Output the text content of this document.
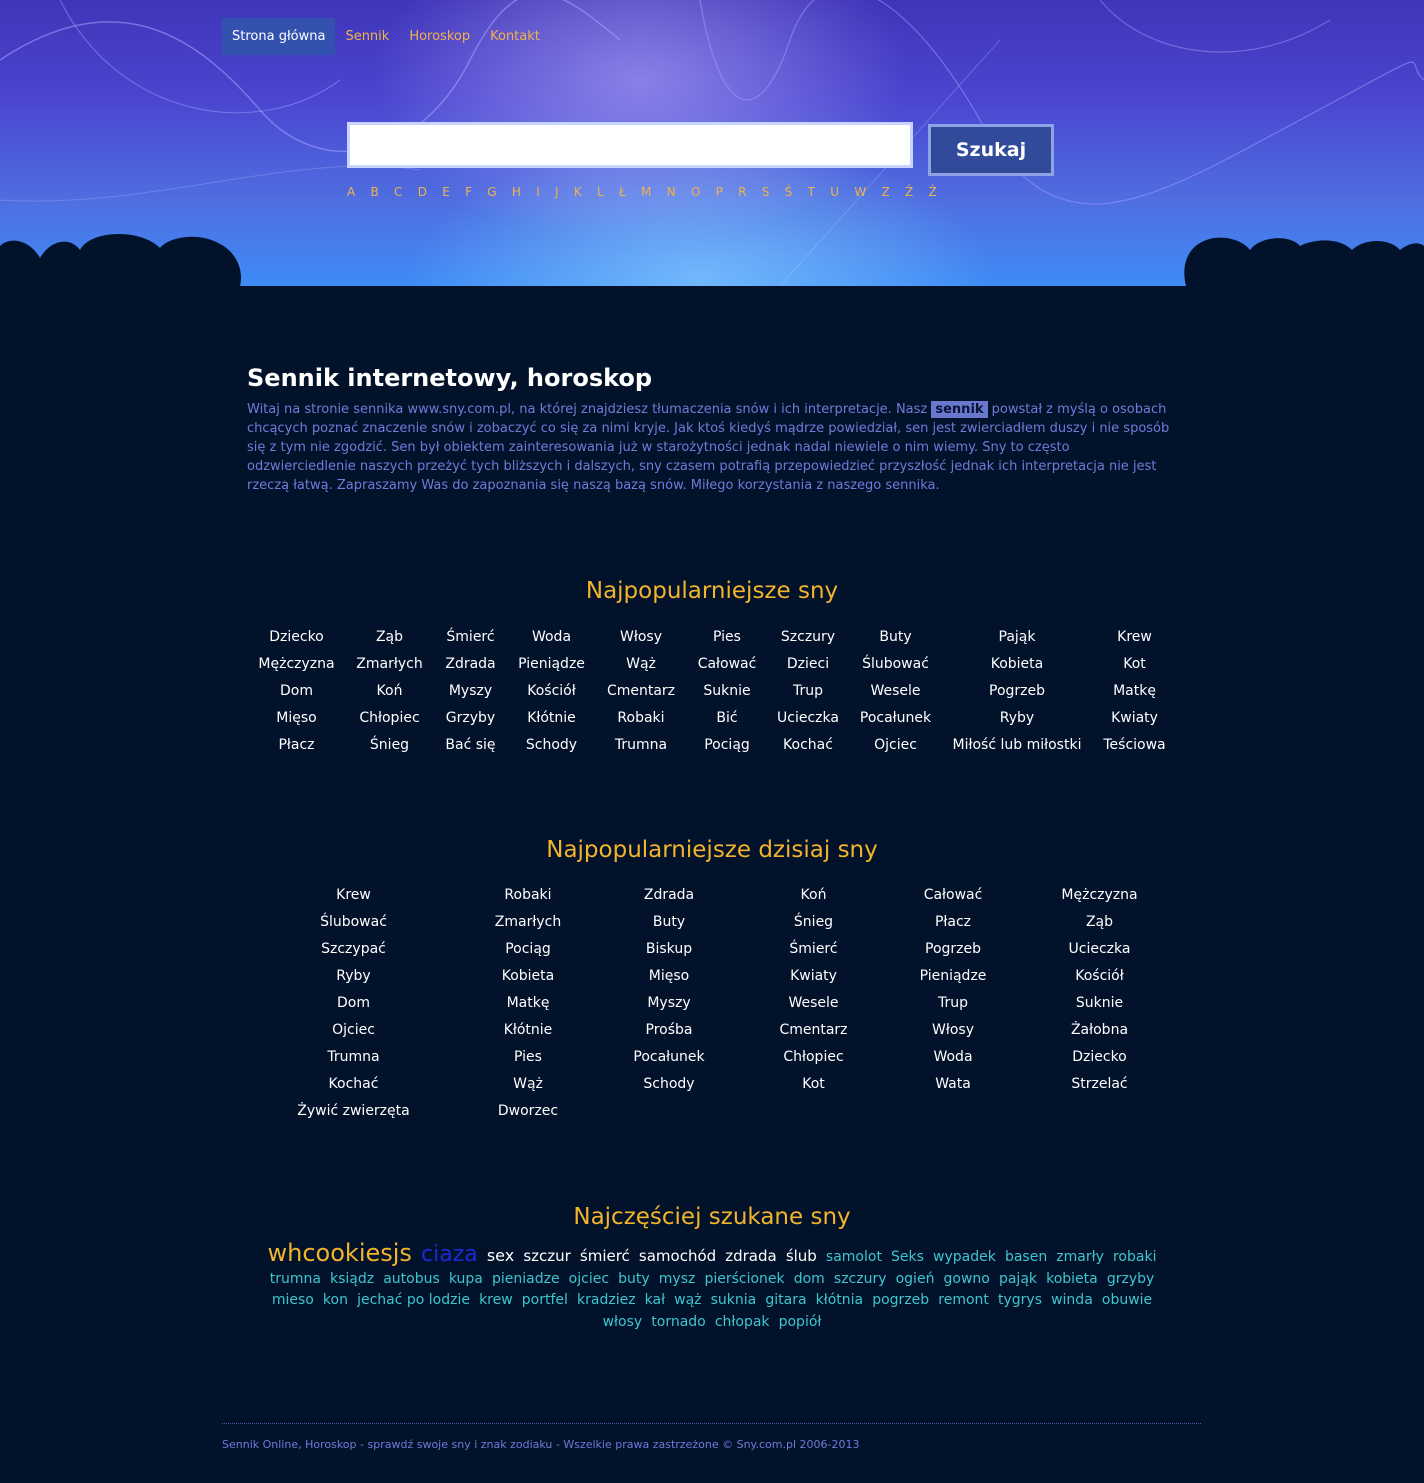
Strona główna	Sennik	Horoskop	Kontakt
Szukaj
A B C D E F G H I J K L Ł M N O P R S Ś T U W Z Ź Ż
Sennik internetowy, horoskop

Witaj na stronie sennika www.sny.com.pl, na której znajdziesz tłumaczenia snów i ich interpretacje. Nasz sennik powstał z myślą o osobach chcących poznać znaczenie snów i zobaczyć co się za nimi kryje. Jak ktoś kiedyś mądrze powiedział, sen jest zwierciadłem duszy i nie sposób się z tym nie zgodzić. Sen był obiektem zainteresowania już w starożytności jednak nadal niewiele o nim wiemy. Sny to często odzwierciedlenie naszych przeżyć tych bliższych i dalszych, sny czasem potrafią przepowiedzieć przyszłość jednak ich interpretacja nie jest rzeczą łatwą. Zapraszamy Was do zapoznania się naszą bazą snów. Miłego korzystania z naszego sennika.

Najpopularniejsze sny
Dziecko	Ząb	Śmierć	Woda	Włosy	Pies	Szczury	Buty	Pająk	Krew
Mężczyzna	Zmarłych	Zdrada	Pieniądze	Wąż	Całować	Dzieci	Ślubować	Kobieta	Kot
Dom	Koń	Myszy	Kościół	Cmentarz	Suknie	Trup	Wesele	Pogrzeb	Matkę
Mięso	Chłopiec	Grzyby	Kłótnie	Robaki	Bić	Ucieczka	Pocałunek	Ryby	Kwiaty
Płacz	Śnieg	Bać się	Schody	Trumna	Pociąg	Kochać	Ojciec	Miłość lub miłostki	Teściowa
Najpopularniejsze dzisiaj sny
Krew	Robaki	Zdrada	Koń	Całować	Mężczyzna
Ślubować	Zmarłych	Buty	Śnieg	Płacz	Ząb
Szczypać	Pociąg	Biskup	Śmierć	Pogrzeb	Ucieczka
Ryby	Kobieta	Mięso	Kwiaty	Pieniądze	Kościół
Dom	Matkę	Myszy	Wesele	Trup	Suknie
Ojciec	Kłótnie	Prośba	Cmentarz	Włosy	Żałobna
Trumna	Pies	Pocałunek	Chłopiec	Woda	Dziecko
Kochać	Wąż	Schody	Kot	Wata	Strzelać
Żywić zwierzęta	Dworzec
Najczęściej szukane sny
whcookiesjs ciaza sex szczur śmierć samochód zdrada ślub samolot Seks wypadek basen zmarły robaki trumna ksiądz autobus kupa pieniadze ojciec buty mysz pierścionek dom szczury ogień gowno pająk kobieta grzyby mieso kon jechać po lodzie krew portfel kradziez kał wąż suknia gitara kłótnia pogrzeb remont tygrys winda obuwie włosy tornado chłopak popiół
Sennik Online, Horoskop - sprawdź swoje sny i znak zodiaku - Wszelkie prawa zastrzeżone © Sny.com.pl 2006-2013
